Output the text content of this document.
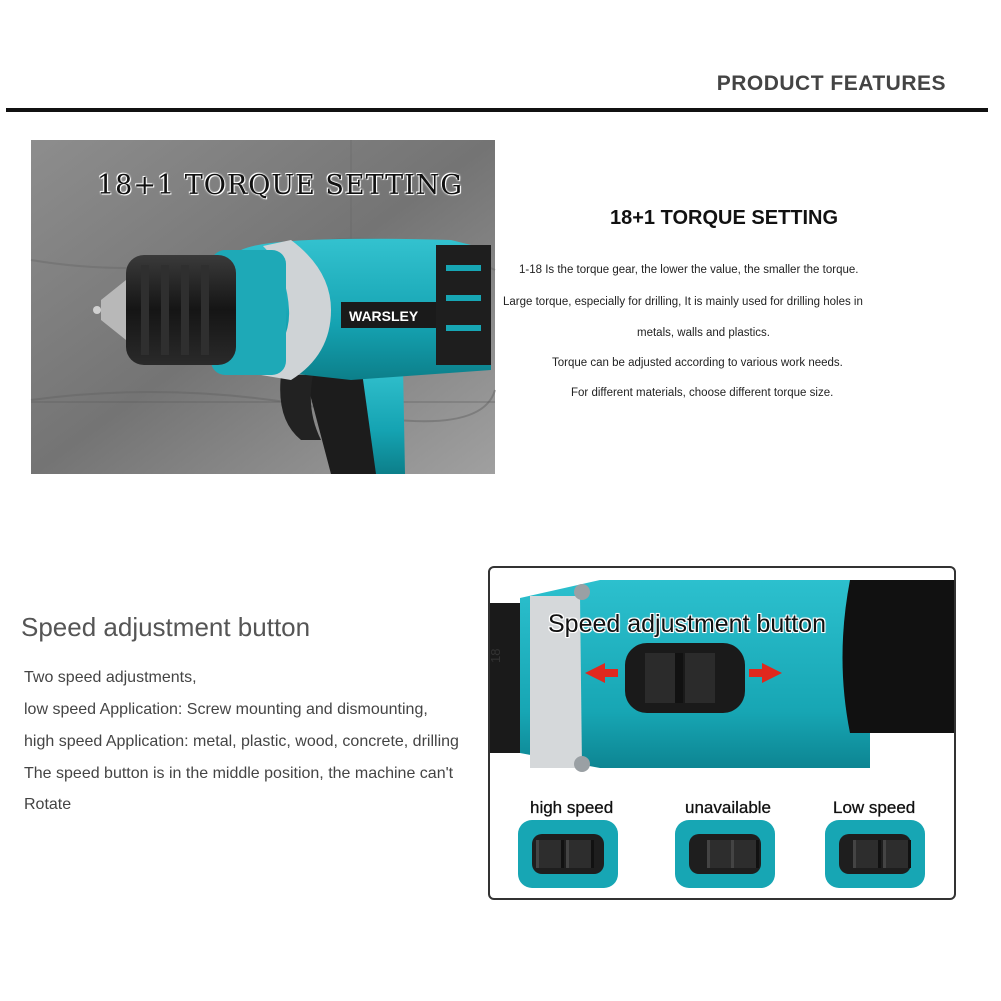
PRODUCT FEATURES
WARSLEY
18+1 TORQUE SETTING
18+1 TORQUE SETTING
1-18 Is the torque gear, the lower the value, the smaller the torque.
Large torque, especially for drilling, It is mainly used for drilling holes in
metals, walls and plastics.
Torque can be adjusted according to various work needs.
For different materials, choose different torque size.
Speed adjustment button
Two speed adjustments,
low speed Application: Screw mounting and dismounting,
high speed Application: metal, plastic, wood, concrete, drilling
The speed button is in the middle position, the machine can't
Rotate
18
Speed adjustment button
high speed	unavailable	Low speed
